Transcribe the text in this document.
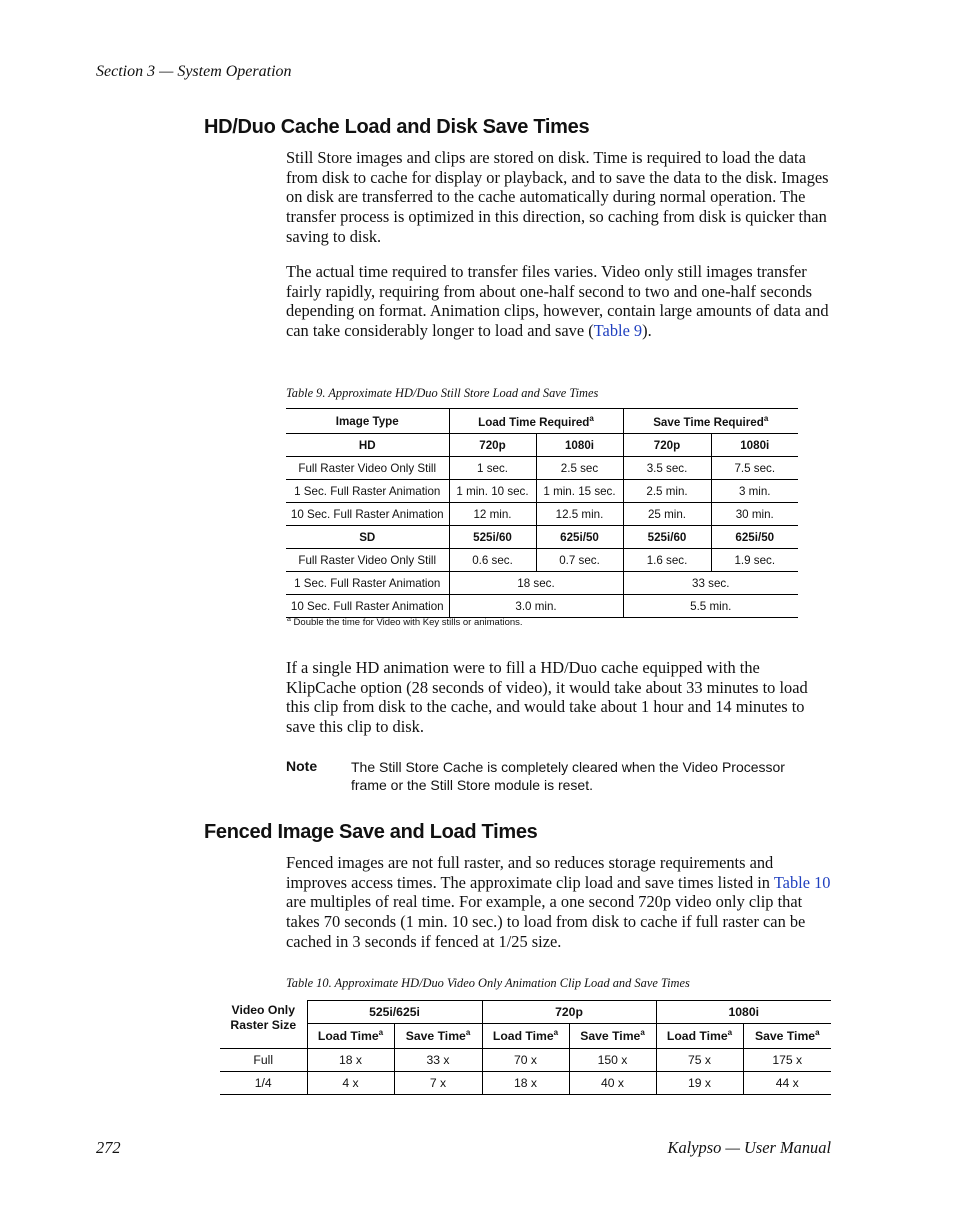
Section 3 — System Operation
HD/Duo Cache Load and Disk Save Times
Still Store images and clips are stored on disk. Time is required to load the data from disk to cache for display or playback, and to save the data to the disk. Images on disk are transferred to the cache automatically during normal operation. The transfer process is optimized in this direction, so caching from disk is quicker than saving to disk.
The actual time required to transfer files varies. Video only still images transfer fairly rapidly, requiring from about one-half second to two and one-half seconds depending on format. Animation clips, however, contain large amounts of data and can take considerably longer to load and save (Table 9).
Table 9. Approximate HD/Duo Still Store Load and Save Times
Image Type	Load Time Required$^a$		Save Time Required$^a$
HD	720p	1080i	720p	1080i
Full Raster Video Only Still	1 sec.	2.5 sec	3.5 sec.	7.5 sec.
1 Sec. Full Raster Animation	1 min. 10 sec.	1 min. 15 sec.	2.5 min.	3 min.
10 Sec. Full Raster Animation	12 min.	12.5 min.	25 min.	30 min.
SD	525i/60	625i/50	525i/60	625i/50
Full Raster Video Only Still	0.6 sec.	0.7 sec.	1.6 sec.	1.9 sec.
1 Sec. Full Raster Animation	18 sec.		33 sec.	
10 Sec. Full Raster Animation	3.0 min.		5.5 min.	
$^a$ Double the time for Video with Key stills or animations.
If a single HD animation were to fill a HD/Duo cache equipped with the KlipCache option (28 seconds of video), it would take about 33 minutes to load this clip from disk to the cache, and would take about 1 hour and 14 minutes to save this clip to disk.
Note The Still Store Cache is completely cleared when the Video Processor frame or the Still Store module is reset.
Fenced Image Save and Load Times
Fenced images are not full raster, and so reduces storage requirements and improves access times. The approximate clip load and save times listed in Table 10 are multiples of real time. For example, a one second 720p video only clip that takes 70 seconds (1 min. 10 sec.) to load from disk to cache if full raster can be cached in 3 seconds if fenced at 1/25 size.
Table 10. Approximate HD/Duo Video Only Animation Clip Load and Save Times
Video Only Raster Size	525i/625i		720p		1080i	
	Load Time$^a$	Save Time$^a$	Load Time$^a$	Save Time$^a$	Load Time$^a$	Save Time$^a$
Full	18 x	33 x	70 x	150 x	75 x	175 x
1/4	4 x	7 x	18 x	40 x	19 x	44 x
272	Kalypso — User Manual
